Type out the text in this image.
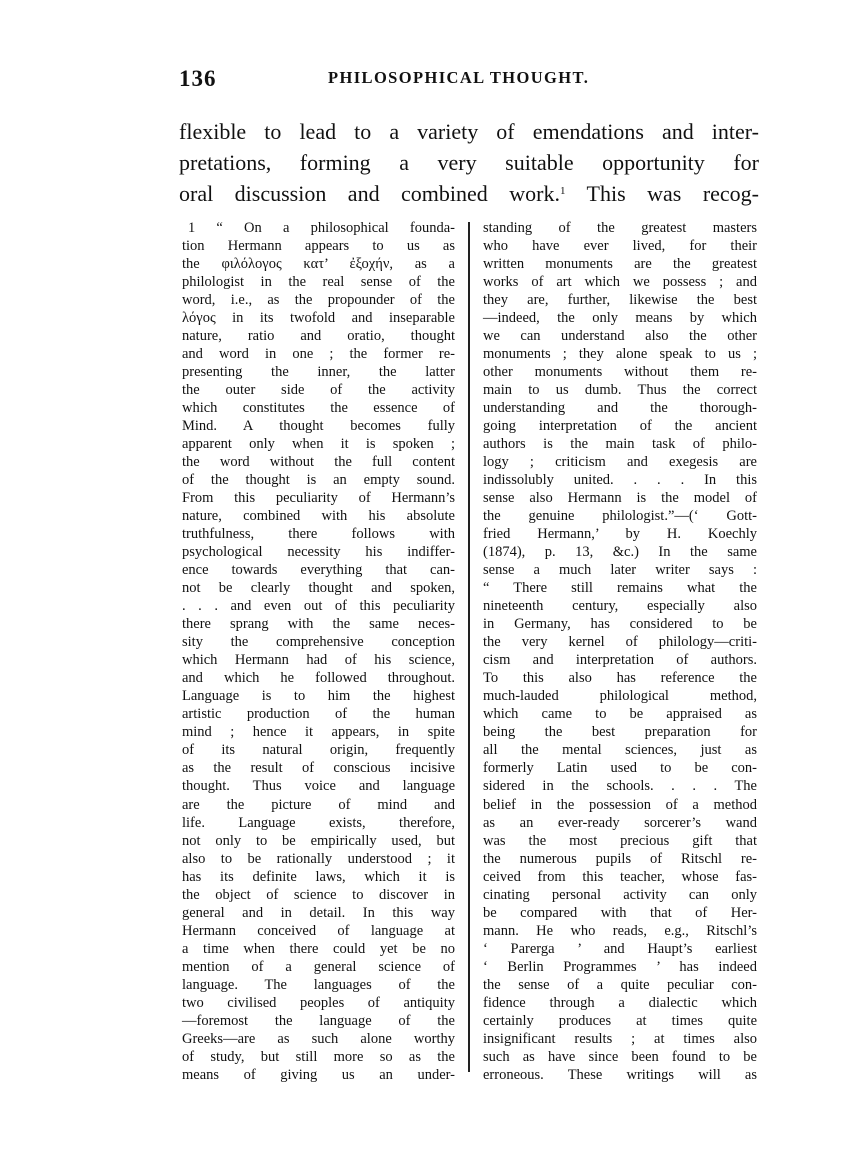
136	PHILOSOPHICAL THOUGHT.
flexible to lead to a variety of emendations and inter-
pretations, forming a very suitable opportunity for
oral discussion and combined work.$^1$ This was recog-
1 “ On a philosophical founda-
tion Hermann appears to us as
the φιλόλογος κατ’ ἐξοχήν, as a
philologist in the real sense of the
word, i.e., as the propounder of the
λόγος in its twofold and inseparable
nature, ratio and oratio, thought
and word in one ; the former re-
presenting the inner, the latter
the outer side of the activity
which constitutes the essence of
Mind. A thought becomes fully
apparent only when it is spoken ;
the word without the full content
of the thought is an empty sound.
From this peculiarity of Hermann’s
nature, combined with his absolute
truthfulness, there follows with
psychological necessity his indiffer-
ence towards everything that can-
not be clearly thought and spoken,
. . . and even out of this peculiarity
there sprang with the same neces-
sity the comprehensive conception
which Hermann had of his science,
and which he followed throughout.
Language is to him the highest
artistic production of the human
mind ; hence it appears, in spite
of its natural origin, frequently
as the result of conscious incisive
thought. Thus voice and language
are the picture of mind and
life. Language exists, therefore,
not only to be empirically used, but
also to be rationally understood ; it
has its definite laws, which it is
the object of science to discover in
general and in detail. In this way
Hermann conceived of language at
a time when there could yet be no
mention of a general science of
language. The languages of the
two civilised peoples of antiquity
—foremost the language of the
Greeks—are as such alone worthy
of study, but still more so as the
means of giving us an under-
standing of the greatest masters
who have ever lived, for their
written monuments are the greatest
works of art which we possess ; and
they are, further, likewise the best
—indeed, the only means by which
we can understand also the other
monuments ; they alone speak to us ;
other monuments without them re-
main to us dumb. Thus the correct
understanding and the thorough-
going interpretation of the ancient
authors is the main task of philo-
logy ; criticism and exegesis are
indissolubly united. . . . In this
sense also Hermann is the model of
the genuine philologist.”—(‘ Gott-
fried Hermann,’ by H. Koechly
(1874), p. 13, &c.) In the same
sense a much later writer says :
“ There still remains what the
nineteenth century, especially also
in Germany, has considered to be
the very kernel of philology—criti-
cism and interpretation of authors.
To this also has reference the
much-lauded philological method,
which came to be appraised as
being the best preparation for
all the mental sciences, just as
formerly Latin used to be con-
sidered in the schools. . . . The
belief in the possession of a method
as an ever-ready sorcerer’s wand
was the most precious gift that
the numerous pupils of Ritschl re-
ceived from this teacher, whose fas-
cinating personal activity can only
be compared with that of Her-
mann. He who reads, e.g., Ritschl’s
‘ Parerga ’ and Haupt’s earliest
‘ Berlin Programmes ’ has indeed
the sense of a quite peculiar con-
fidence through a dialectic which
certainly produces at times quite
insignificant results ; at times also
such as have since been found to be
erroneous. These writings will as
